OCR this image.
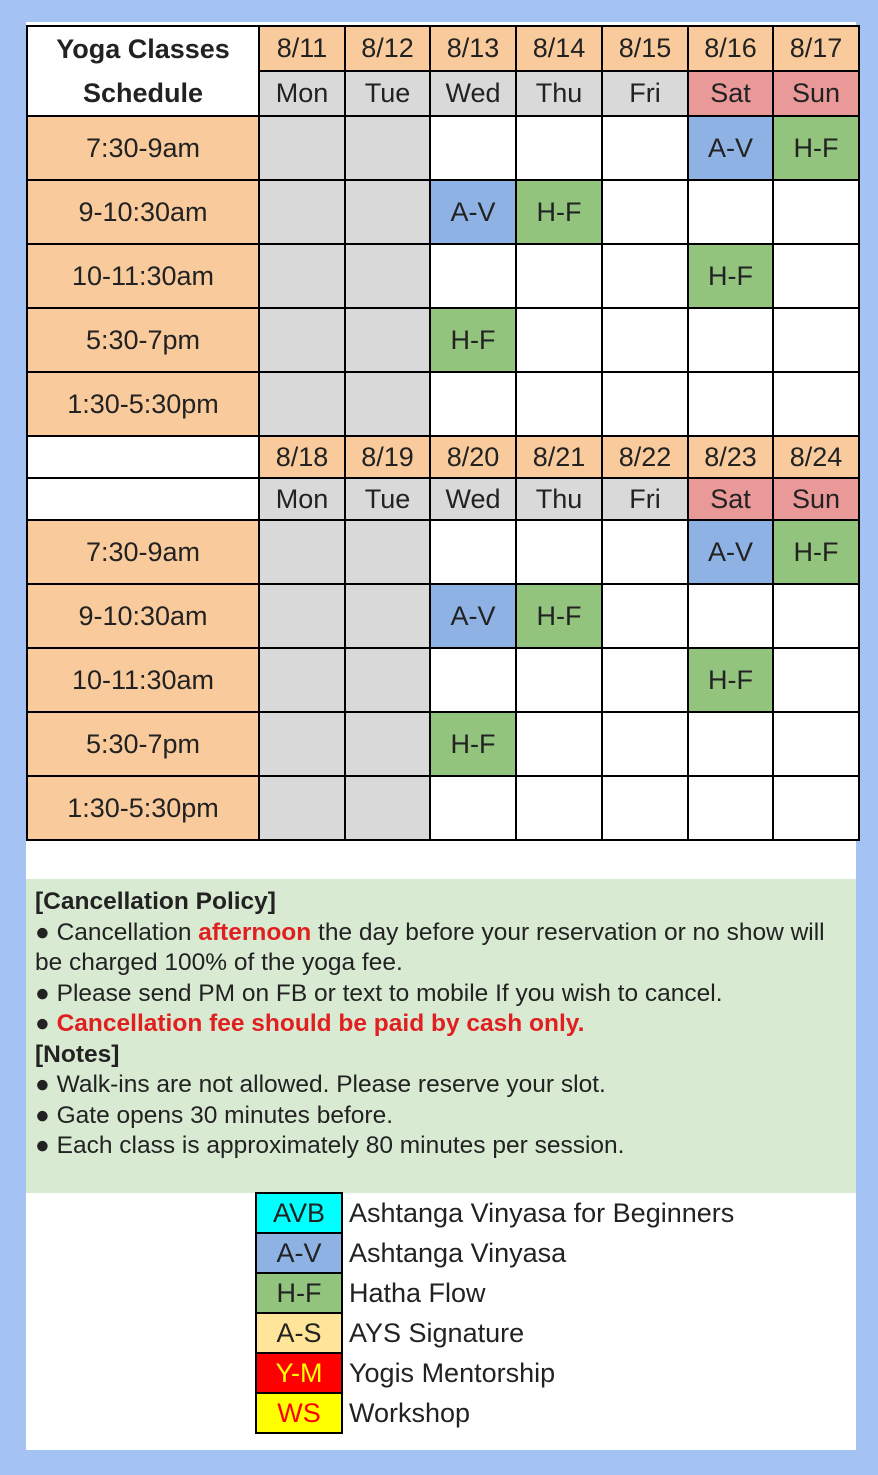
Yoga Classes
Schedule	8/11	8/12	8/13	8/14	8/15	8/16	8/17
	Mon	Tue	Wed	Thu	Fri	Sat	Sun
7:30-9am						A-V	H-F
9-10:30am			A-V	H-F			
10-11:30am						H-F	
5:30-7pm			H-F				
1:30-5:30pm							
	8/18	8/19	8/20	8/21	8/22	8/23	8/24
	Mon	Tue	Wed	Thu	Fri	Sat	Sun
7:30-9am						A-V	H-F
9-10:30am			A-V	H-F			
10-11:30am						H-F	
5:30-7pm			H-F				
1:30-5:30pm							
[Cancellation Policy]
● Cancellation afternoon the day before your reservation or no show will be charged 100% of the yoga fee.
● Please send PM on FB or text to mobile If you wish to cancel.
● Cancellation fee should be paid by cash only.
[Notes]
● Walk-ins are not allowed. Please reserve your slot.
● Gate opens 30 minutes before.
● Each class is approximately 80 minutes per session.
AVB	Ashtanga Vinyasa for Beginners
A-V	Ashtanga Vinyasa
H-F	Hatha Flow
A-S	AYS Signature
Y-M	Yogis Mentorship
WS	Workshop
